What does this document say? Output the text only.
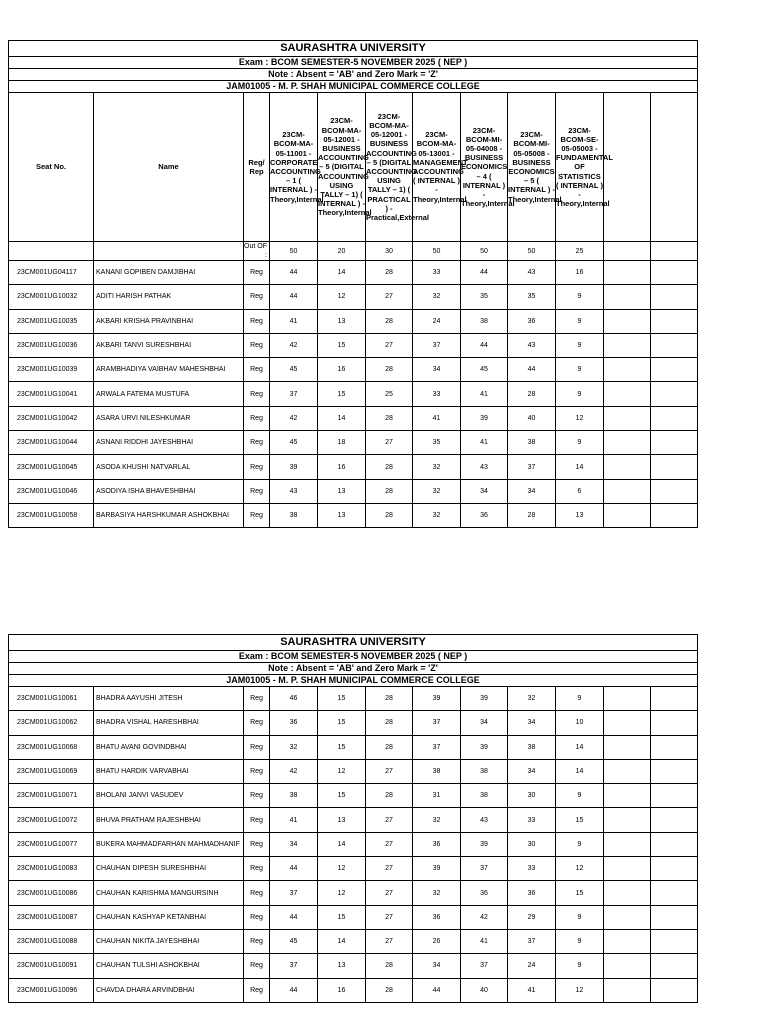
SAURASHTRA UNIVERSITY											
Exam : BCOM SEMESTER-5 NOVEMBER 2025 ( NEP )											
Note : Absent = 'AB' and Zero Mark = 'Z'											
JAM01005 - M. P. SHAH MUNICIPAL COMMERCE COLLEGE											
Seat No.	Name	Reg/ Rep	23CM-BCOM-MA-05-11001 - CORPORATE ACCOUNTING – 1 ( INTERNAL ) - Theory,Internal	23CM-BCOM-MA-05-12001 - BUSINESS ACCOUNTING – 5 (DIGITAL ACCOUNTING USING TALLY – 1) ( INTERNAL ) - Theory,Internal	23CM-BCOM-MA-05-12001 - BUSINESS ACCOUNTING – 5 (DIGITAL ACCOUNTING USING TALLY – 1) ( PRACTICAL ) - Practical,External	23CM-BCOM-MA-05-13001 - MANAGEMENT ACCOUNTING ( INTERNAL ) - Theory,Internal	23CM-BCOM-MI-05-04008 - BUSINESS ECONOMICS – 4 ( INTERNAL ) - Theory,Internal	23CM-BCOM-MI-05-05008 - BUSINESS ECONOMICS – 5 ( INTERNAL ) - Theory,Internal	23CM-BCOM-SE-05-05003 - FUNDAMENTAL OF STATISTICS ( INTERNAL ) - Theory,Internal		
		Out OF :	50	20	30	50	50	50	25		
23CM001UG04117	KANANI GOPIBEN DAMJIBHAI	Reg	44	14	28	33	44	43	16		
23CM001UG10032	ADITI HARISH PATHAK	Reg	44	12	27	32	35	35	9		
23CM001UG10035	AKBARI KRISHA PRAVINBHAI	Reg	41	13	28	24	38	36	9		
23CM001UG10036	AKBARI TANVI SURESHBHAI	Reg	42	15	27	37	44	43	9		
23CM001UG10039	ARAMBHADIYA VAIBHAV MAHESHBHAI	Reg	45	16	28	34	45	44	9		
23CM001UG10041	ARWALA FATEMA MUSTUFA	Reg	37	15	25	33	41	28	9		
23CM001UG10042	ASARA URVI NILESHKUMAR	Reg	42	14	28	41	39	40	12		
23CM001UG10044	ASNANI RIDDHI JAYESHBHAI	Reg	45	18	27	35	41	38	9		
23CM001UG10045	ASODA KHUSHI NATVARLAL	Reg	39	16	28	32	43	37	14		
23CM001UG10046	ASODIYA ISHA BHAVESHBHAI	Reg	43	13	28	32	34	34	6		
23CM001UG10058	BARBASIYA HARSHKUMAR ASHOKBHAI	Reg	38	13	28	32	36	28	13		
SAURASHTRA UNIVERSITY											
Exam : BCOM SEMESTER-5 NOVEMBER 2025 ( NEP )											
Note : Absent = 'AB' and Zero Mark = 'Z'											
JAM01005 - M. P. SHAH MUNICIPAL COMMERCE COLLEGE											
23CM001UG10061	BHADRA AAYUSHI JITESH	Reg	46	15	28	39	39	32	9		
23CM001UG10062	BHADRA VISHAL HARESHBHAI	Reg	36	15	28	37	34	34	10		
23CM001UG10068	BHATU AVANI GOVINDBHAI	Reg	32	15	28	37	39	38	14		
23CM001UG10069	BHATU HARDIK VARVABHAI	Reg	42	12	27	38	38	34	14		
23CM001UG10071	BHOLANI JANVI VASUDEV	Reg	38	15	28	31	38	30	9		
23CM001UG10072	BHUVA PRATHAM RAJESHBHAI	Reg	41	13	27	32	43	33	15		
23CM001UG10077	BUKERA MAHMADFARHAN MAHMADHANIF	Reg	34	14	27	36	39	30	9		
23CM001UG10083	CHAUHAN DIPESH SURESHBHAI	Reg	44	12	27	39	37	33	12		
23CM001UG10086	CHAUHAN KARISHMA MANGURSINH	Reg	37	12	27	32	36	36	15		
23CM001UG10087	CHAUHAN KASHYAP KETANBHAI	Reg	44	15	27	36	42	29	9		
23CM001UG10088	CHAUHAN NIKITA JAYESHBHAI	Reg	45	14	27	26	41	37	9		
23CM001UG10091	CHAUHAN TULSHI ASHOKBHAI	Reg	37	13	28	34	37	24	9		
23CM001UG10096	CHAVDA DHARA ARVINDBHAI	Reg	44	16	28	44	40	41	12		
